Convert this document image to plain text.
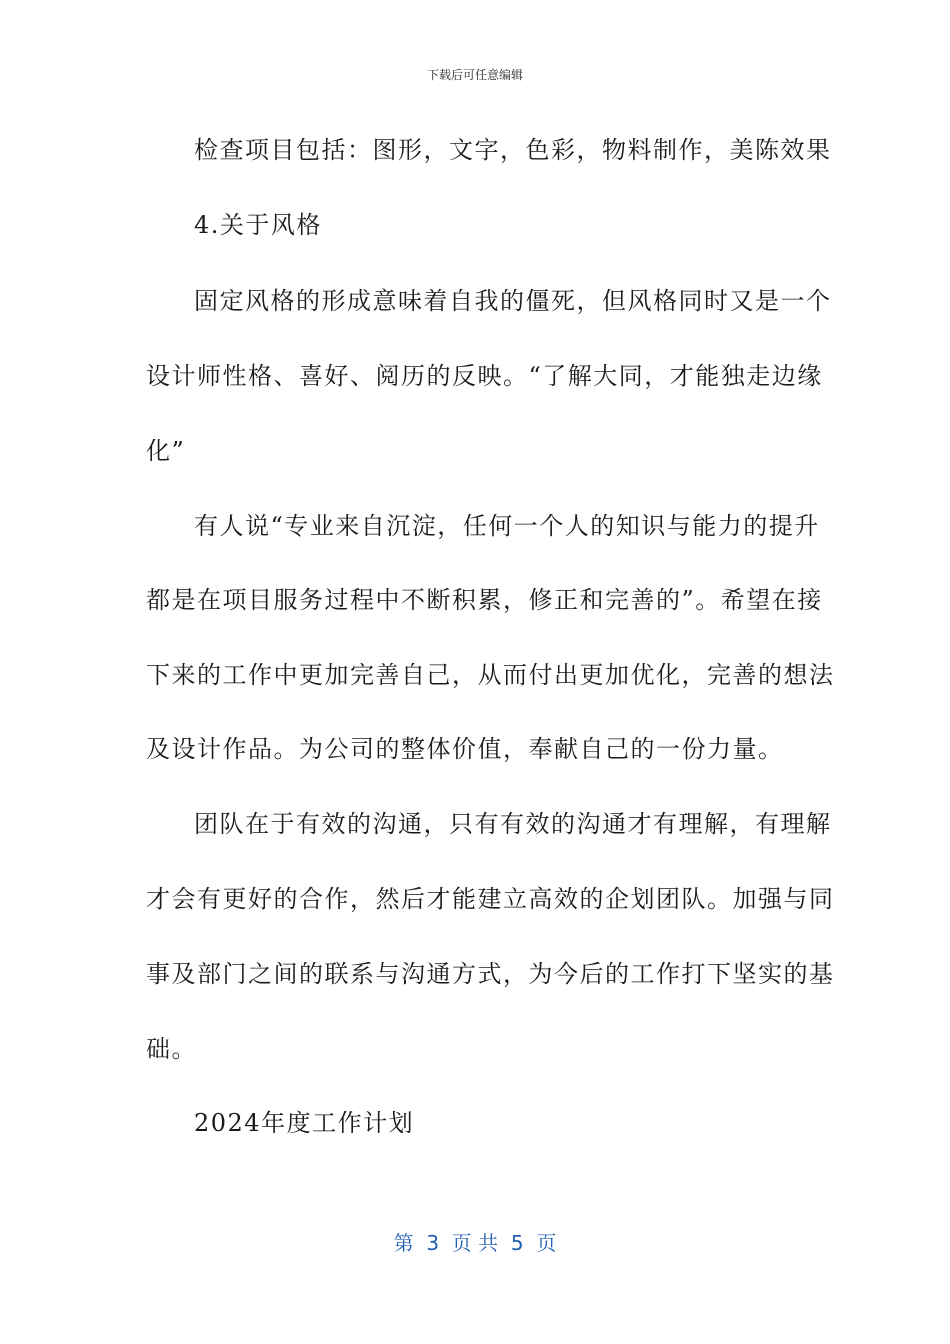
下载后可任意编辑
检查项目包括：图形，文字，色彩，物料制作，美陈效果
4.关于风格
固定风格的形成意味着自我的僵死，但风格同时又是一个
设计师性格、喜好、阅历的反映。“了解大同，才能独走边缘
化”
有人说“专业来自沉淀，任何一个人的知识与能力的提升
都是在项目服务过程中不断积累，修正和完善的”。希望在接
下来的工作中更加完善自己，从而付出更加优化，完善的想法
及设计作品。为公司的整体价值，奉献自己的一份力量。
团队在于有效的沟通，只有有效的沟通才有理解，有理解
才会有更好的合作，然后才能建立高效的企划团队。加强与同
事及部门之间的联系与沟通方式，为今后的工作打下坚实的基
础。
2024年度工作计划
第  3  页 共  5  页
